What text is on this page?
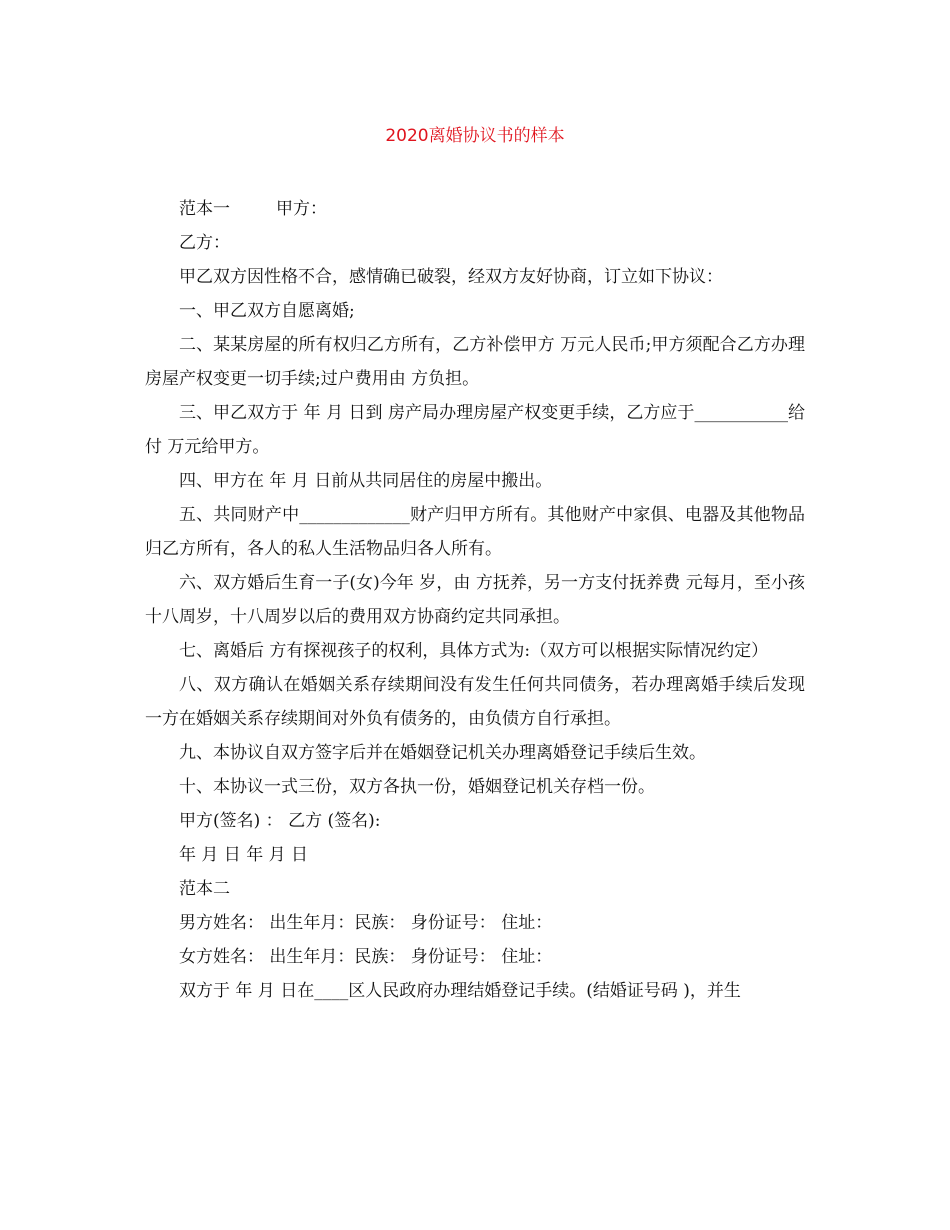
2020离婚协议书的样本

范本一	甲方：

乙方：

甲乙双方因性格不合，感情确已破裂，经双方友好协商，订立如下协议：

一、甲乙双方自愿离婚;

二、某某房屋的所有权归乙方所有，乙方补偿甲方 万元人民币;甲方须配合乙方办理房屋产权变更一切手续;过户费用由 方负担。

三、甲乙双方于 年 月 日到 房产局办理房屋产权变更手续，乙方应于___________给付 万元给甲方。

四、甲方在 年 月 日前从共同居住的房屋中搬出。

五、共同财产中_____________财产归甲方所有。其他财产中家俱、电器及其他物品归乙方所有，各人的私人生活物品归各人所有。

六、双方婚后生育一子(女)今年 岁，由 方抚养，另一方支付抚养费 元每月，至小孩十八周岁，十八周岁以后的费用双方协商约定共同承担。

七、离婚后 方有探视孩子的权利，具体方式为:（双方可以根据实际情况约定）

八、双方确认在婚姻关系存续期间没有发生任何共同债务，若办理离婚手续后发现一方在婚姻关系存续期间对外负有债务的，由负债方自行承担。

九、本协议自双方签字后并在婚姻登记机关办理离婚登记手续后生效。

十、本协议一式三份，双方各执一份，婚姻登记机关存档一份。

甲方(签名) ： 乙方 (签名):

年 月 日 年 月 日

范本二

男方姓名： 出生年月：民族： 身份证号： 住址：

女方姓名： 出生年月：民族： 身份证号： 住址：

双方于 年 月 日在____区人民政府办理结婚登记手续。(结婚证号码 )，并生
